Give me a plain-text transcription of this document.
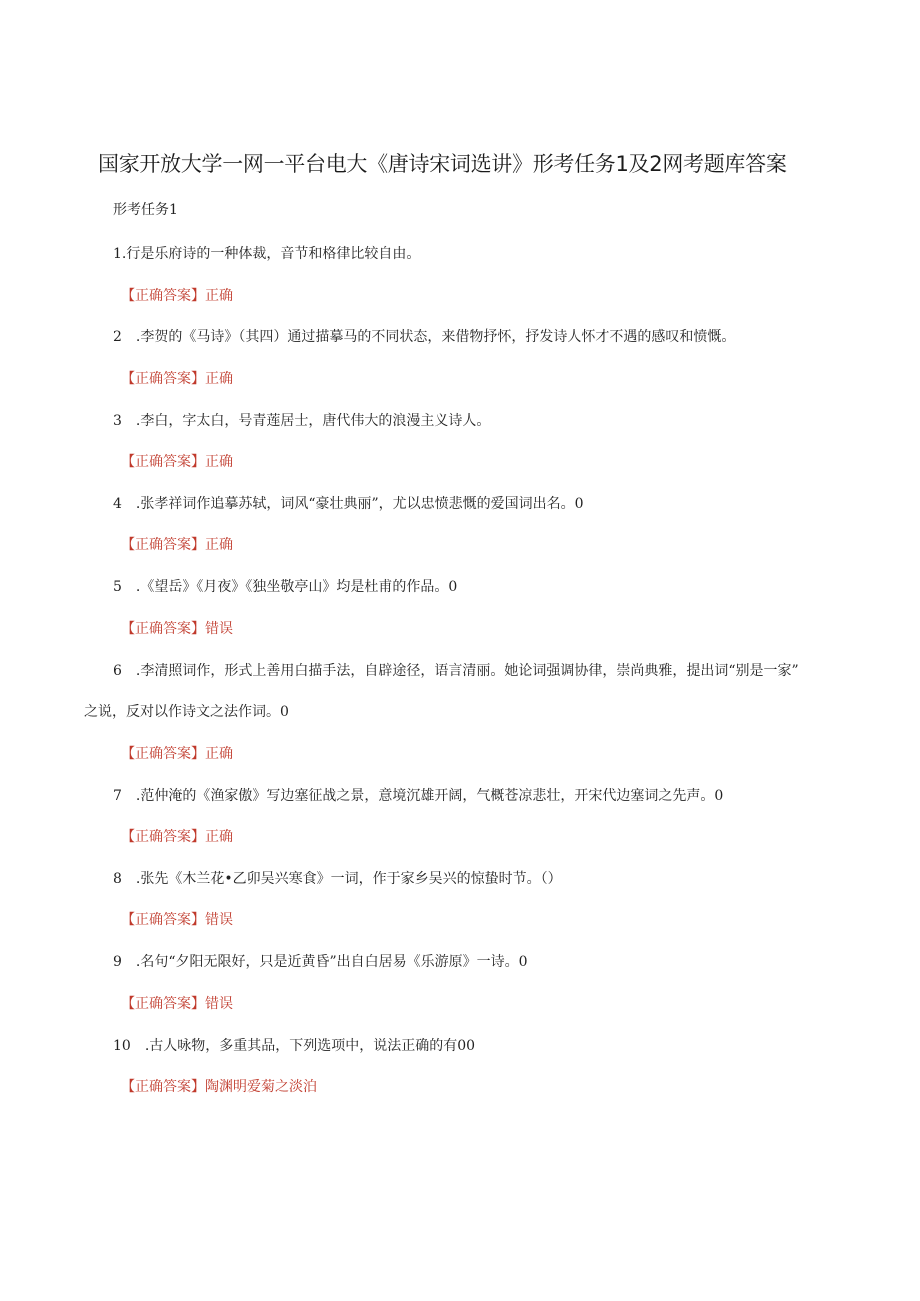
国家开放大学一网一平台电大《唐诗宋词选讲》形考任务1及2网考题库答案
形考任务1
1.行是乐府诗的一种体裁，音节和格律比较自由。
【正确答案】正确
2　.李贺的《马诗》（其四）通过描摹马的不同状态，来借物抒怀，抒发诗人怀才不遇的感叹和愤慨。
【正确答案】正确
3　.李白，字太白，号青莲居士，唐代伟大的浪漫主义诗人。
【正确答案】正确
4　.张孝祥词作追摹苏轼，词风“豪壮典丽”，尤以忠愤悲慨的爱国词出名。0
【正确答案】正确
5　.《望岳》《月夜》《独坐敬亭山》均是杜甫的作品。0
【正确答案】错误
6　.李清照词作，形式上善用白描手法，自辟途径，语言清丽。她论词强调协律，崇尚典雅，提出词“别是一家”
之说，反对以作诗文之法作词。0
【正确答案】正确
7　.范仲淹的《渔家傲》写边塞征战之景，意境沉雄开阔，气概苍凉悲壮，开宋代边塞词之先声。0
【正确答案】正确
8　.张先《木兰花•乙卯吴兴寒食》一词，作于家乡吴兴的惊蛰时节。（）
【正确答案】错误
9　.名句“夕阳无限好，只是近黄昏”出自白居易《乐游原》一诗。0
【正确答案】错误
10　.古人咏物，多重其品，下列选项中，说法正确的有00
【正确答案】陶渊明爱菊之淡泊
